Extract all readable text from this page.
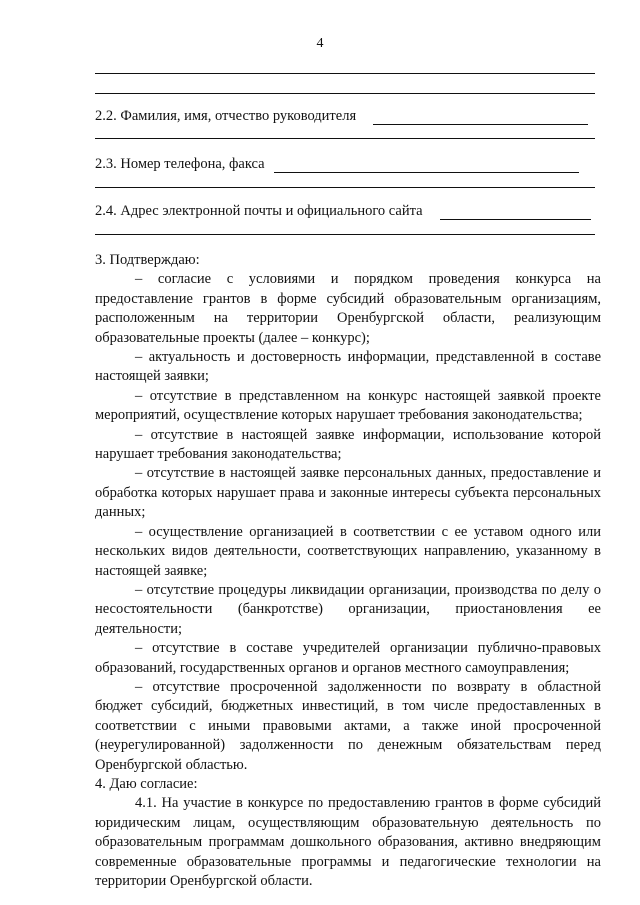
4
2.2. Фамилия, имя, отчество руководителя
2.3. Номер телефона, факса
2.4. Адрес электронной почты и официального сайта

3. Подтверждаю:

– согласие с условиями и порядком проведения конкурса на предоставление грантов в форме субсидий образовательным организациям, расположенным на территории Оренбургской области, реализующим образовательные проекты (далее – конкурс);

– актуальность и достоверность информации, представленной в составе настоящей заявки;

– отсутствие в представленном на конкурс настоящей заявкой проекте мероприятий, осуществление которых нарушает требования законодательства;

– отсутствие в настоящей заявке информации, использование которой нарушает требования законодательства;

– отсутствие в настоящей заявке персональных данных, предоставление и обработка которых нарушает права и законные интересы субъекта персональных данных;

– осуществление организацией в соответствии с ее уставом одного или нескольких видов деятельности, соответствующих направлению, указанному в настоящей заявке;

– отсутствие процедуры ликвидации организации, производства по делу о несостоятельности (банкротстве) организации, приостановления ее деятельности;

– отсутствие в составе учредителей организации публично-правовых образований, государственных органов и органов местного самоуправления;

– отсутствие просроченной задолженности по возврату в областной бюджет субсидий, бюджетных инвестиций, в том числе предоставленных в соответствии с иными правовыми актами, а также иной просроченной (неурегулированной) задолженности по денежным обязательствам перед Оренбургской областью.

4. Даю согласие:

4.1. На участие в конкурсе по предоставлению грантов в форме субсидий юридическим лицам, осуществляющим образовательную деятельность по образовательным программам дошкольного образования, активно внедряющим современные образовательные программы и педагогические технологии на территории Оренбургской области.
